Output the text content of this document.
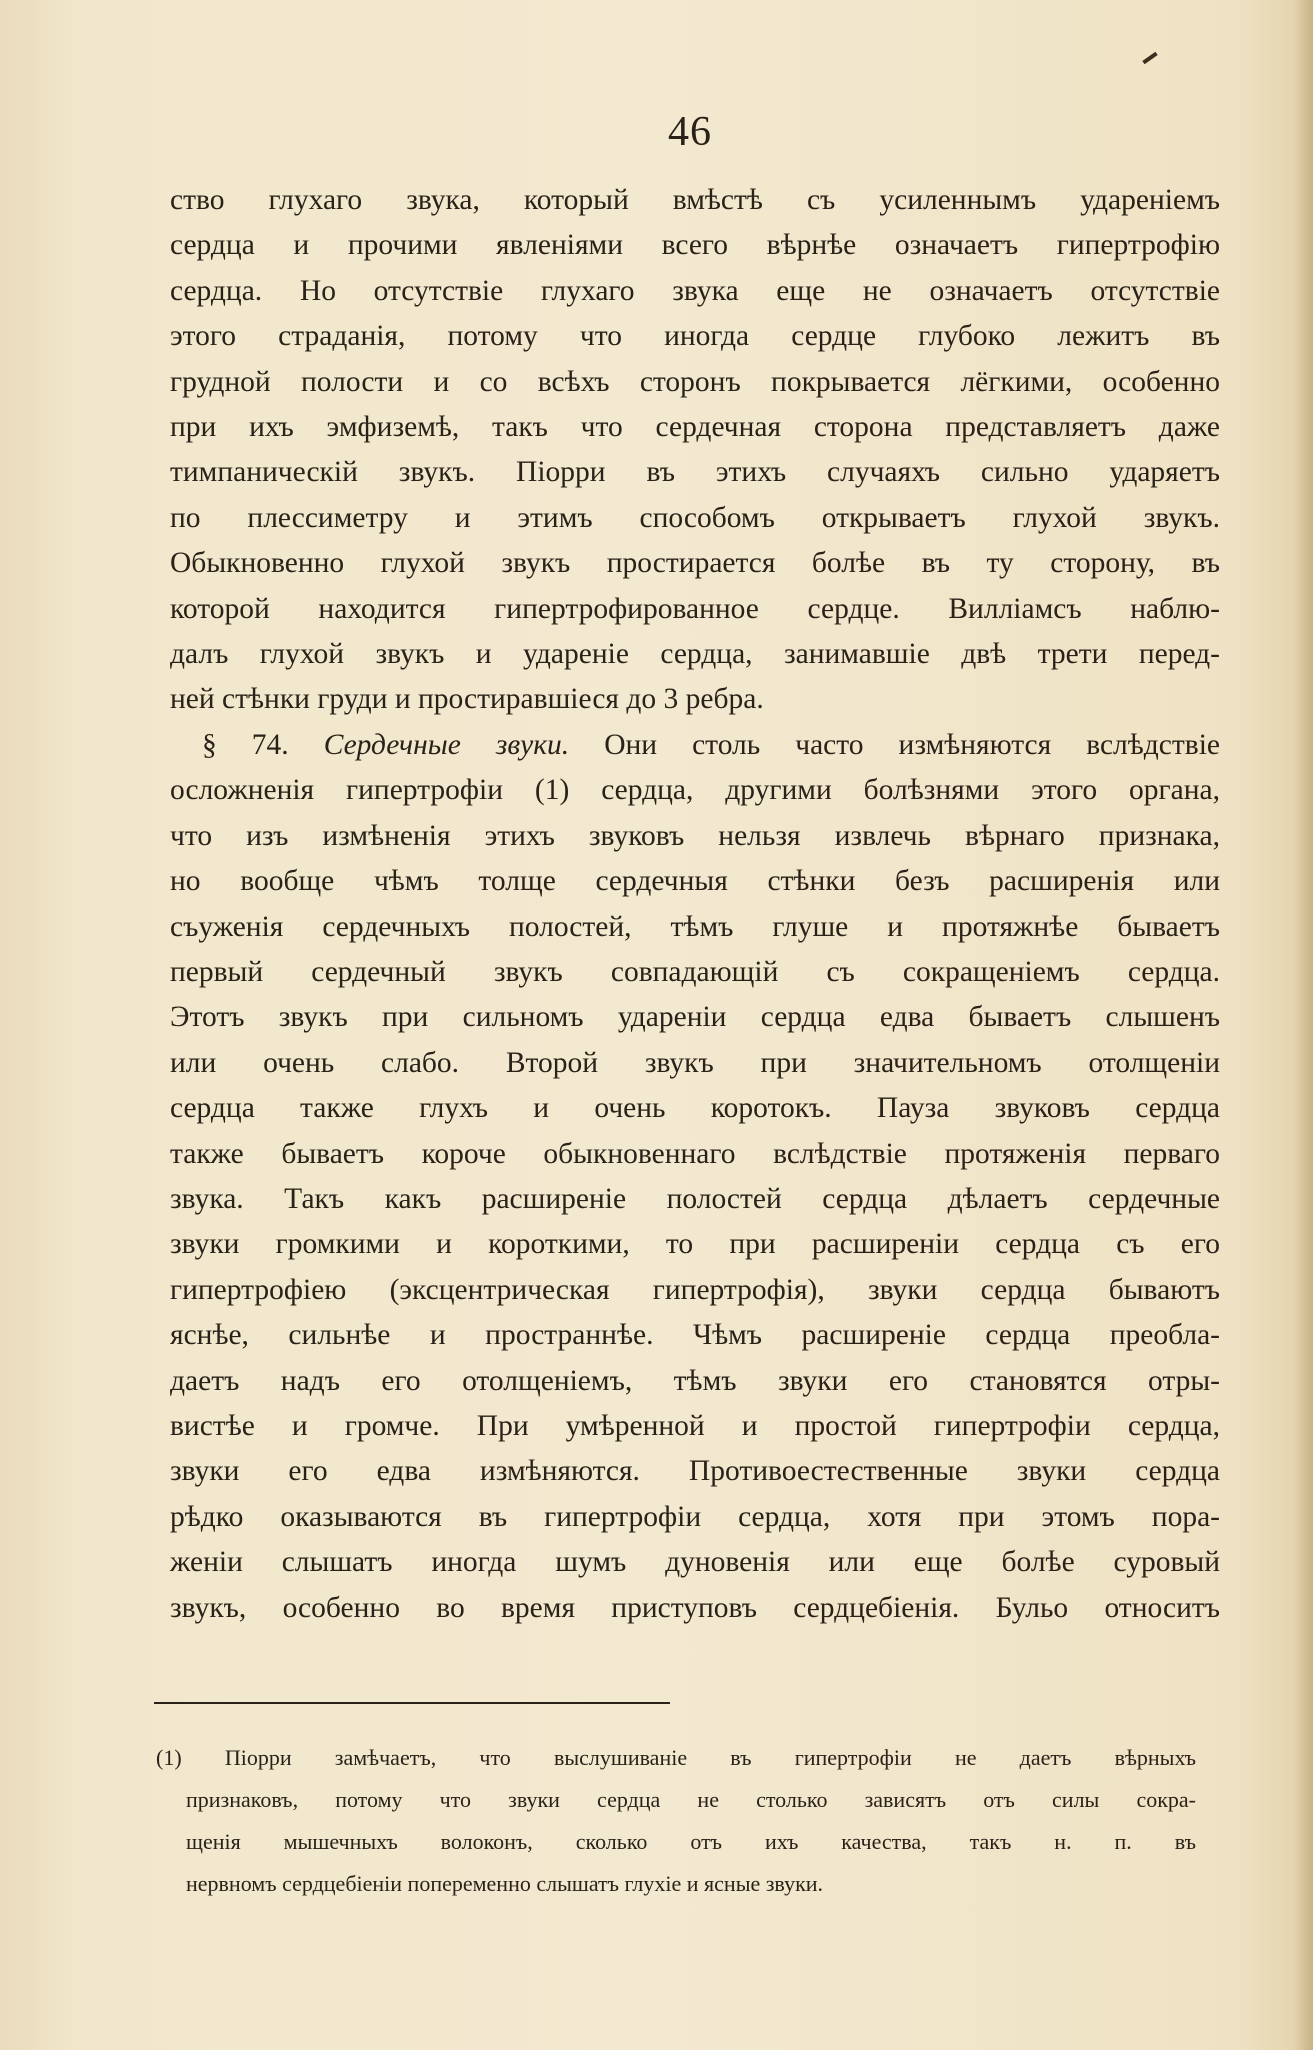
46
ство глухаго звука, который вмѣстѣ съ усиленнымъ удареніемъ
сердца и прочими явленіями всего вѣрнѣе означаетъ гипертрофію
сердца. Но отсутствіе глухаго звука еще не означаетъ отсутствіе
этого страданія, потому что иногда сердце глубоко лежитъ въ
грудной полости и со всѣхъ сторонъ покрывается лёгкими, особенно
при ихъ эмфиземѣ, такъ что сердечная сторона представляетъ даже
тимпаническій звукъ. Піорри въ этихъ случаяхъ сильно ударяетъ
по плессиметру и этимъ способомъ открываетъ глухой звукъ.
Обыкновенно глухой звукъ простирается болѣе въ ту сторону, въ
которой находится гипертрофированное сердце. Вилліамсъ наблю-
далъ глухой звукъ и удареніе сердца, занимавшіе двѣ трети перед-
ней стѣнки груди и простиравшіеся до 3 ребра.
§ 74. Сердечные звуки. Они столь часто измѣняются вслѣдствіе
осложненія гипертрофіи (1) сердца, другими болѣзнями этого органа,
что изъ измѣненія этихъ звуковъ нельзя извлечь вѣрнаго признака,
но вообще чѣмъ толще сердечныя стѣнки безъ расширенія или
съуженія сердечныхъ полостей, тѣмъ глуше и протяжнѣе бываетъ
первый сердечный звукъ совпадающій съ сокращеніемъ сердца.
Этотъ звукъ при сильномъ удареніи сердца едва бываетъ слышенъ
или очень слабо. Второй звукъ при значительномъ отолщеніи
сердца также глухъ и очень коротокъ. Пауза звуковъ сердца
также бываетъ короче обыкновеннаго вслѣдствіе протяженія перваго
звука. Такъ какъ расширеніе полостей сердца дѣлаетъ сердечные
звуки громкими и короткими, то при расширеніи сердца съ его
гипертрофіею (эксцентрическая гипертрофія), звуки сердца бываютъ
яснѣе, сильнѣе и пространнѣе. Чѣмъ расширеніе сердца преобла-
даетъ надъ его отолщеніемъ, тѣмъ звуки его становятся отры-
вистѣе и громче. При умѣренной и простой гипертрофіи сердца,
звуки его едва измѣняются. Противоестественные звуки сердца
рѣдко оказываются въ гипертрофіи сердца, хотя при этомъ пора-
женіи слышатъ иногда шумъ дуновенія или еще болѣе суровый
звукъ, особенно во время приступовъ сердцебіенія. Бульо относитъ
(1) Піорри замѣчаетъ, что выслушиваніе въ гипертрофіи не даетъ вѣрныхъ
признаковъ, потому что звуки сердца не столько зависятъ отъ силы сокра-
щенія мышечныхъ волоконъ, сколько отъ ихъ качества, такъ н. п. въ
нервномъ сердцебіеніи попеременно слышатъ глухіе и ясные звуки.
